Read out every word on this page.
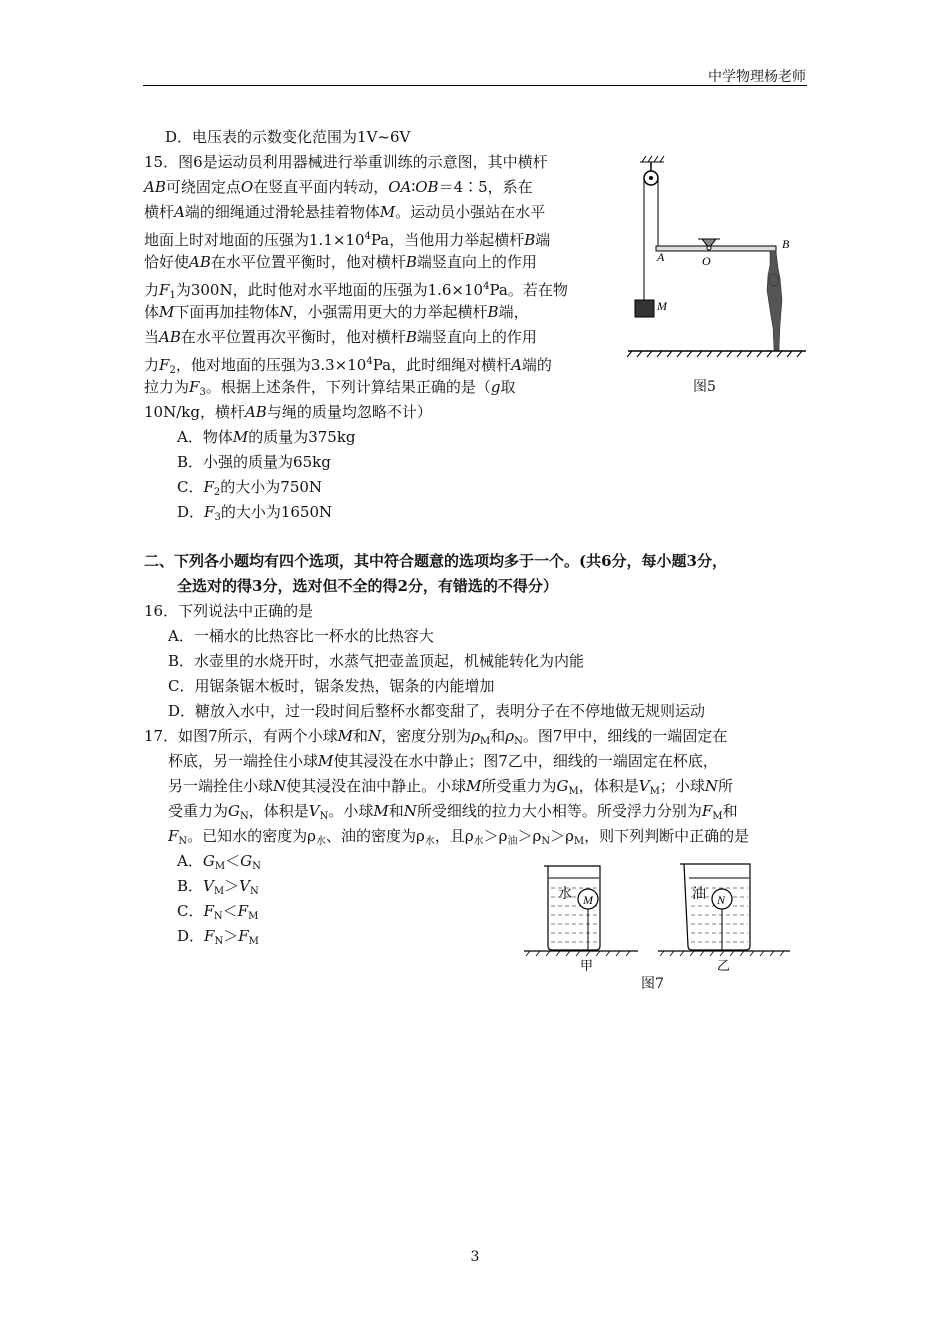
中学物理杨老师
D．电压表的示数变化范围为1V~6V
15．图6是运动员利用器械进行举重训练的示意图，其中横杆
AB可绕固定点O在竖直平面内转动，OA∶OB＝4∶5，系在
横杆A端的细绳通过滑轮悬挂着物体M。运动员小强站在水平
地面上时对地面的压强为$1.1\times 10^4Pa$，当他用力举起横杆B端
恰好使AB在水平位置平衡时，他对横杆B端竖直向上的作用
力$F_1$为300N，此时他对水平地面的压强为$1.6\times 10^4Pa$。若在物
体M下面再加挂物体N，小强需用更大的力举起横杆B端，
当AB在水平位置再次平衡时，他对横杆B端竖直向上的作用
力$F_2$，他对地面的压强为$3.3\times 10^4Pa$，此时细绳对横杆A端的
拉力为$F_3$。根据上述条件，下列计算结果正确的是（g取
10N/kg，横杆AB与绳的质量均忽略不计）
A．物体M的质量为375kg
B．小强的质量为65kg
C．$F_2$的大小为750N
D．$F_3$的大小为1650N
A	O
B
M
图5
二、下列各小题均有四个选项，其中符合题意的选项均多于一个。(共6分，每小题3分，
全选对的得3分，选对但不全的得2分，有错选的不得分）
16．下列说法中正确的是
A．一桶水的比热容比一杯水的比热容大
B．水壶里的水烧开时，水蒸气把壶盖顶起，机械能转化为内能
C．用锯条锯木板时，锯条发热，锯条的内能增加
D．糖放入水中，过一段时间后整杯水都变甜了，表明分子在不停地做无规则运动
17．如图7所示，有两个小球M和N，密度分别为$\rho_M$和$\rho_N$。图7甲中，细线的一端固定在
杯底，另一端拴住小球M使其浸没在水中静止；图7乙中，细线的一端固定在杯底，
另一端拴住小球N使其浸没在油中静止。小球M所受重力为$G_M$，体积是$V_M$；小球N所
受重力为$G_N$，体积是$V_N$。小球M和N所受细线的拉力大小相等。所受浮力分别为$F_M$和
$F_N$。已知水的密度为$\rho_水$、油的密度为$\rho_水$，且$\rho_水>\rho_油>\rho_N>\rho_M$，则下列判断中正确的是
A．$G_M<G_N$
B．$V_M>V_N$
C．$F_N<F_M$
D．$F_N>F_M$
水	油
M	N
甲	乙
图7
3
